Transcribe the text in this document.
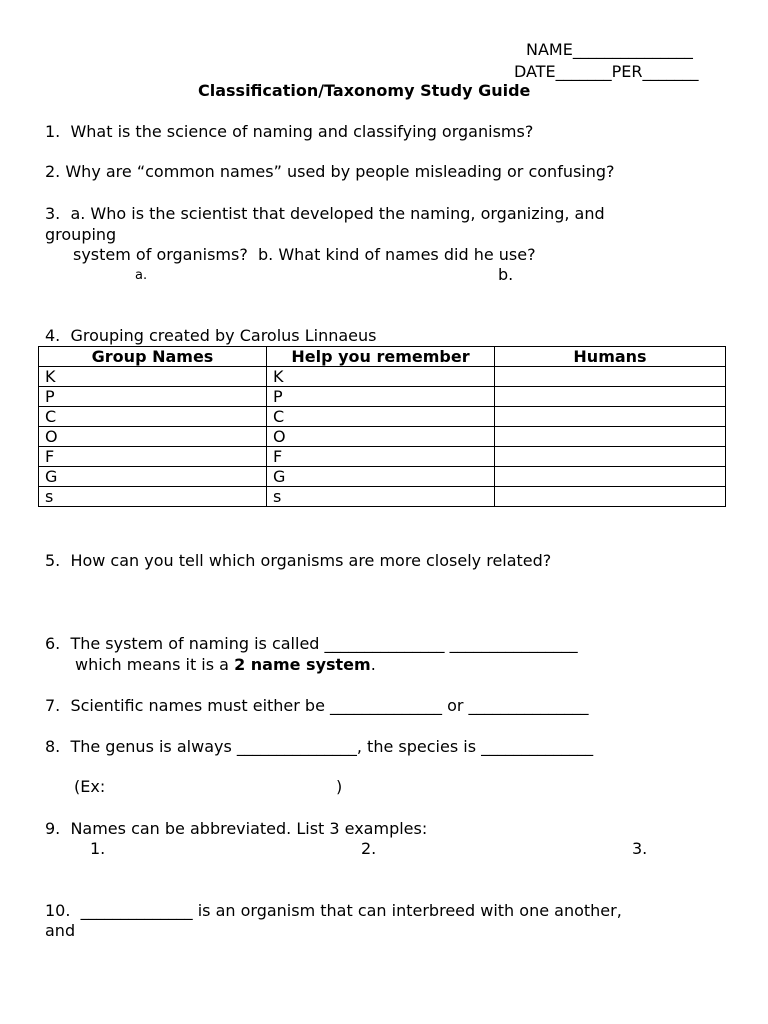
NAME_______________
DATE_______PER_______
Classification/Taxonomy Study Guide
1.  What is the science of naming and classifying organisms?
2. Why are “common names” used by people misleading or confusing?
3.  a. Who is the scientist that developed the naming, organizing, and
grouping
system of organisms?  b. What kind of names did he use?
a.	b.
4.  Grouping created by Carolus Linnaeus
Group Names	Help you remember	Humans
K	K	
P	P	
C	C	
O	O	
F	F	
G	G	
s	s	
5.  How can you tell which organisms are more closely related?
6.  The system of naming is called _______________ ________________
which means it is a 2 name system.
7.  Scientific names must either be ______________ or _______________
8.  The genus is always _______________, the species is ______________
(Ex:	)
9.  Names can be abbreviated. List 3 examples:
1.	2.	3.
10.  ______________ is an organism that can interbreed with one another,
and
